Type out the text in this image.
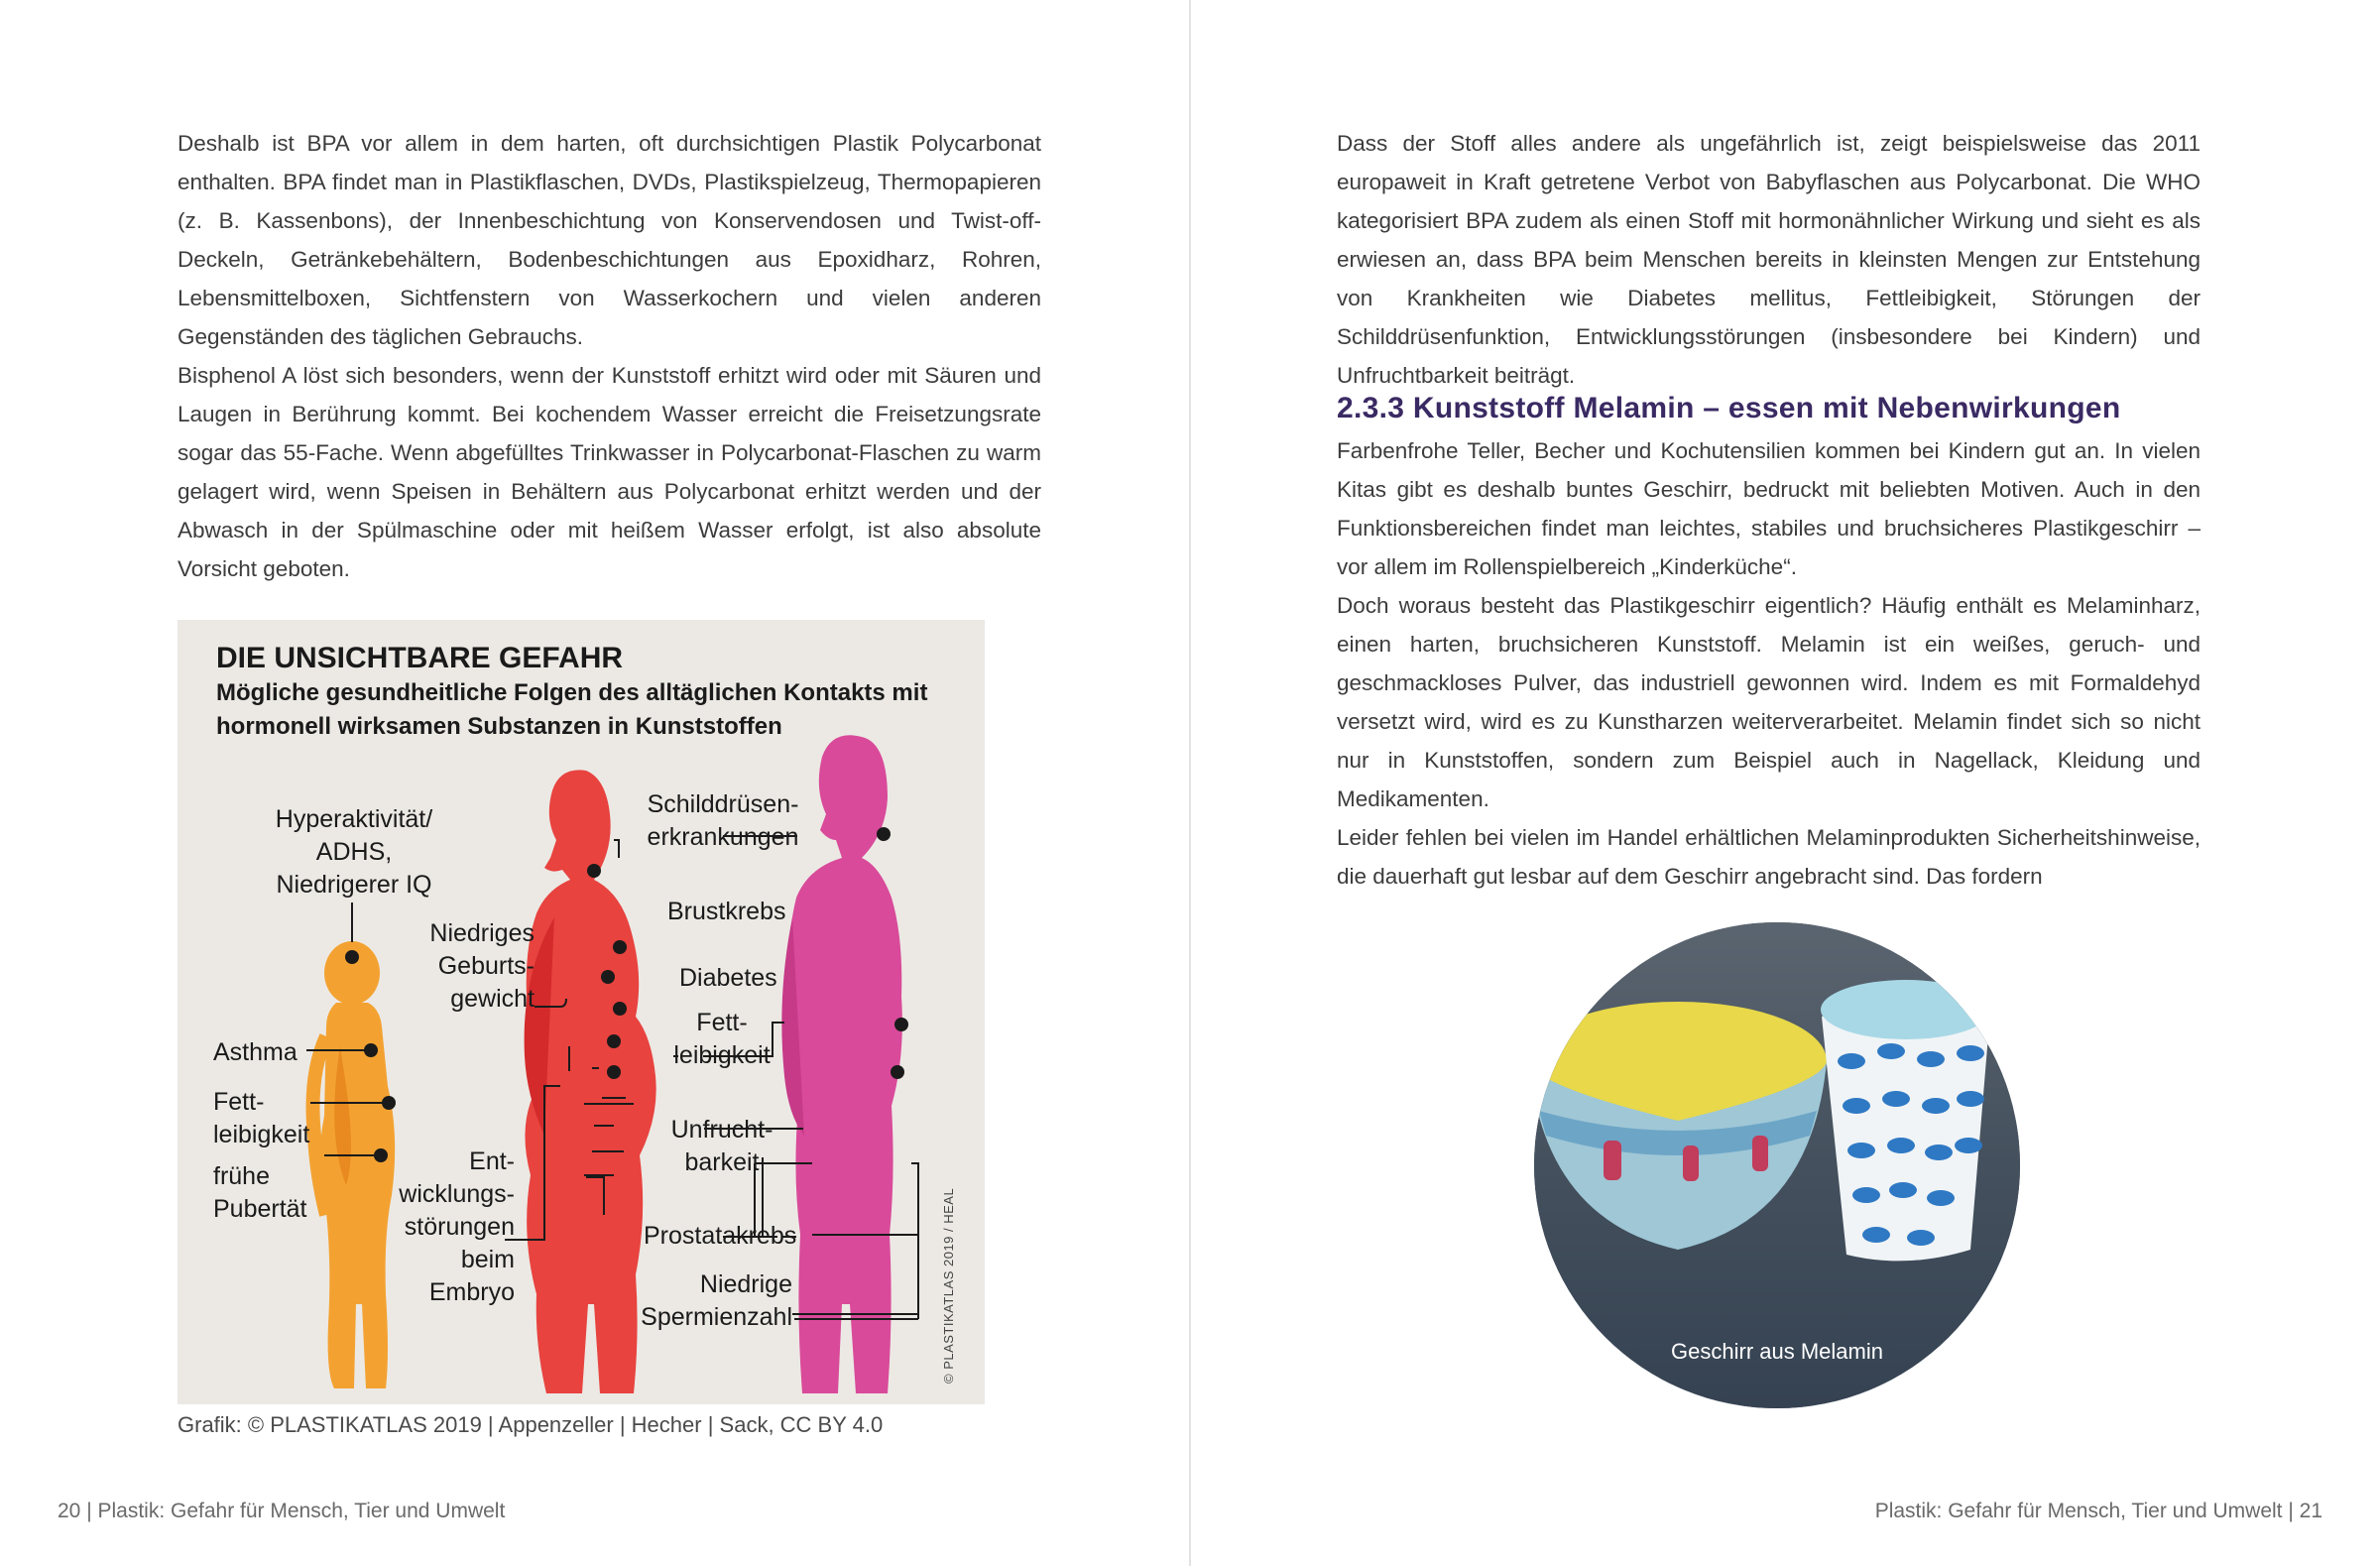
Deshalb ist BPA vor allem in dem harten, oft durchsichtigen Plastik Polycarbonat enthalten. BPA findet man in Plastikflaschen, DVDs, Plastikspielzeug, Thermopapieren (z. B. Kassenbons), der Innenbeschichtung von Konservendosen und Twist-off-Deckeln, Getränkebehältern, Bodenbeschichtungen aus Epoxidharz, Rohren, Lebensmittelboxen, Sichtfenstern von Wasserkochern und vielen anderen Gegenständen des täglichen Gebrauchs.

Bisphenol A löst sich besonders, wenn der Kunststoff erhitzt wird oder mit Säuren und Laugen in Berührung kommt. Bei kochendem Wasser erreicht die Freisetzungsrate sogar das 55-Fache. Wenn abgefülltes Trinkwasser in Polycarbonat-Flaschen zu warm gelagert wird, wenn Speisen in Behältern aus Polycarbonat erhitzt werden und der Abwasch in der Spülmaschine oder mit heißem Wasser erfolgt, ist also absolute Vorsicht geboten.

DIE UNSICHTBARE GEFAHR
Mögliche gesundheitliche Folgen des alltäglichen Kontakts mit hormonell wirksamen Substanzen in Kunststoffen
Hyperaktivität/
ADHS,
Niedrigerer IQ
Asthma
Fett-
leibigkeit
frühe
Pubertät
Niedriges
Geburts-
gewicht
Ent-
wicklungs-
störungen
beim
Embryo
Schilddrüsen-
erkrankungen
Brustkrebs
Diabetes
Fett-
leibigkeit
Unfrucht-
barkeit
Prostatakrebs
Niedrige
Spermienzahl	© PLASTIKATLAS 2019 / HEAL
Grafik: © PLASTIKATLAS 2019 | Appenzeller | Hecher | Sack, CC BY 4.0
20 | Plastik: Gefahr für Mensch, Tier und Umwelt

Dass der Stoff alles andere als ungefährlich ist, zeigt beispielsweise das 2011 europaweit in Kraft getretene Verbot von Babyflaschen aus Polycarbonat. Die WHO kategorisiert BPA zudem als einen Stoff mit hormonähnlicher Wirkung und sieht es als erwiesen an, dass BPA beim Menschen bereits in kleinsten Mengen zur Entstehung von Krankheiten wie Diabetes mellitus, Fettleibigkeit, Störungen der Schilddrüsenfunktion, Entwicklungsstörungen (insbesondere bei Kindern) und Unfruchtbarkeit beiträgt.

2.3.3 Kunststoff Melamin – essen mit Nebenwirkungen

Farbenfrohe Teller, Becher und Kochutensilien kommen bei Kindern gut an. In vielen Kitas gibt es deshalb buntes Geschirr, bedruckt mit beliebten Motiven. Auch in den Funktionsbereichen findet man leichtes, stabiles und bruchsicheres Plastikgeschirr – vor allem im Rollenspielbereich „Kinderküche“.

Doch woraus besteht das Plastikgeschirr eigentlich? Häufig enthält es Melaminharz, einen harten, bruchsicheren Kunststoff. Melamin ist ein weißes, geruch- und geschmackloses Pulver, das industriell gewonnen wird. Indem es mit Formaldehyd versetzt wird, wird es zu Kunstharzen weiterverarbeitet. Melamin findet sich so nicht nur in Kunststoffen, sondern zum Beispiel auch in Nagellack, Kleidung und Medikamenten.

Leider fehlen bei vielen im Handel erhältlichen Melaminprodukten Sicherheitshinweise, die dauerhaft gut lesbar auf dem Geschirr angebracht sind. Das fordern

Geschirr aus Melamin
Plastik: Gefahr für Mensch, Tier und Umwelt | 21
